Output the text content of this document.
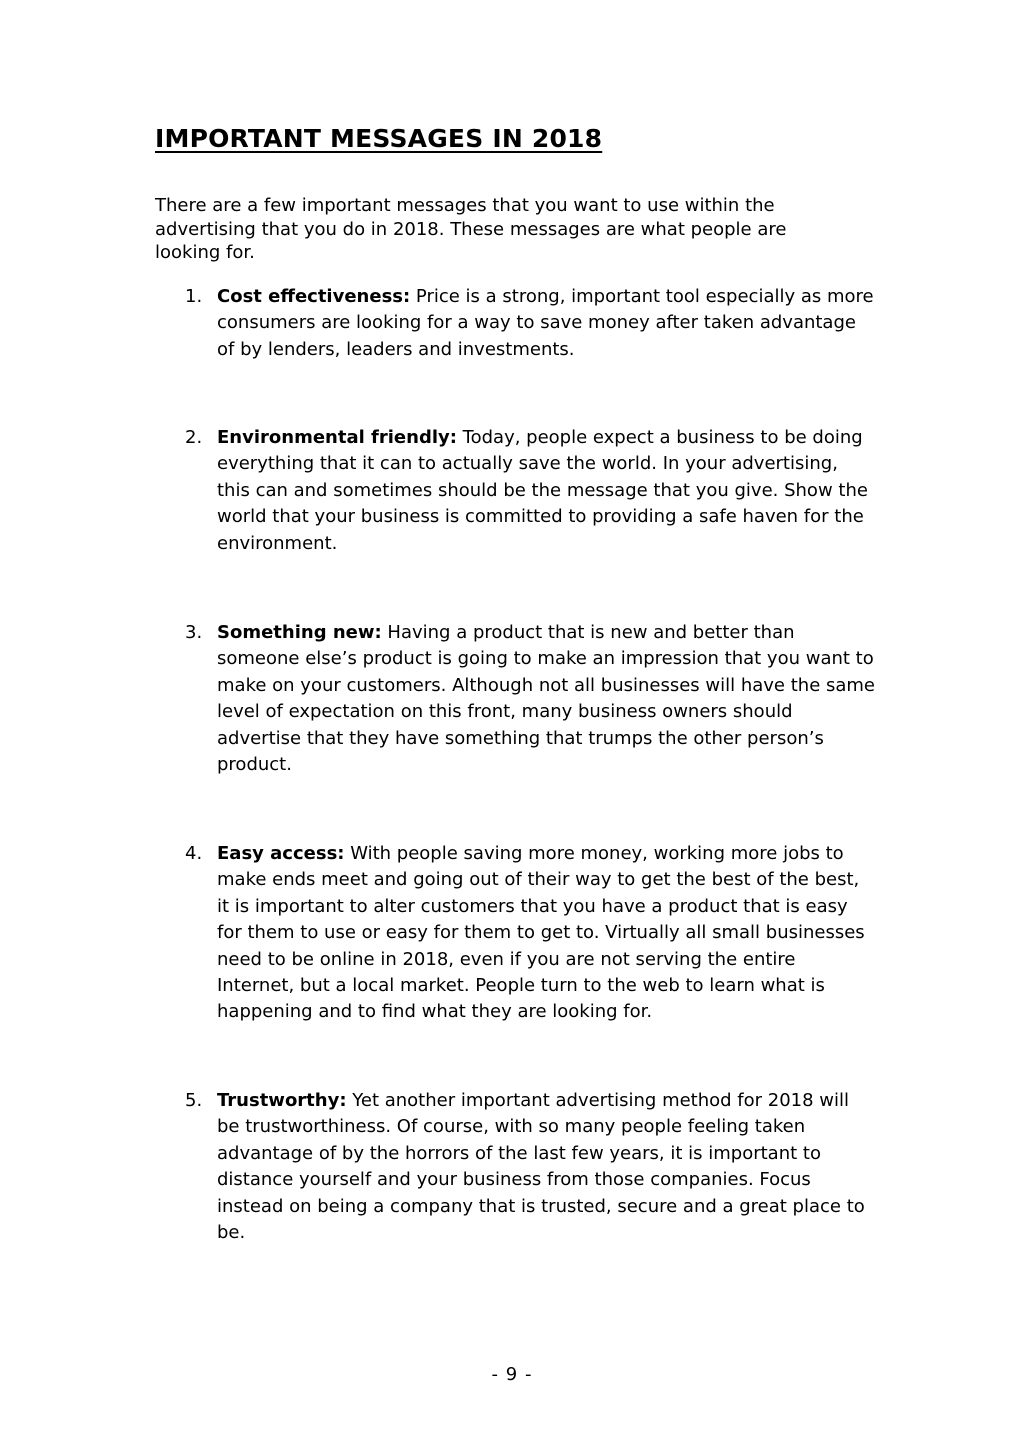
IMPORTANT MESSAGES IN 2018

There are a few important messages that you want to use within the advertising that you do in 2018. These messages are what people are looking for.

1. Cost effectiveness: Price is a strong, important tool especially as more consumers are looking for a way to save money after taken advantage of by lenders, leaders and investments.
2. Environmental friendly: Today, people expect a business to be doing everything that it can to actually save the world. In your advertising, this can and sometimes should be the message that you give. Show the world that your business is committed to providing a safe haven for the environment.
3. Something new: Having a product that is new and better than someone else’s product is going to make an impression that you want to make on your customers. Although not all businesses will have the same level of expectation on this front, many business owners should advertise that they have something that trumps the other person’s product.
4. Easy access: With people saving more money, working more jobs to make ends meet and going out of their way to get the best of the best, it is important to alter customers that you have a product that is easy for them to use or easy for them to get to. Virtually all small businesses need to be online in 2018, even if you are not serving the entire Internet, but a local market. People turn to the web to learn what is happening and to find what they are looking for.
5. Trustworthy: Yet another important advertising method for 2018 will be trustworthiness. Of course, with so many people feeling taken advantage of by the horrors of the last few years, it is important to distance yourself and your business from those companies. Focus instead on being a company that is trusted, secure and a great place to be.
- 9 -
